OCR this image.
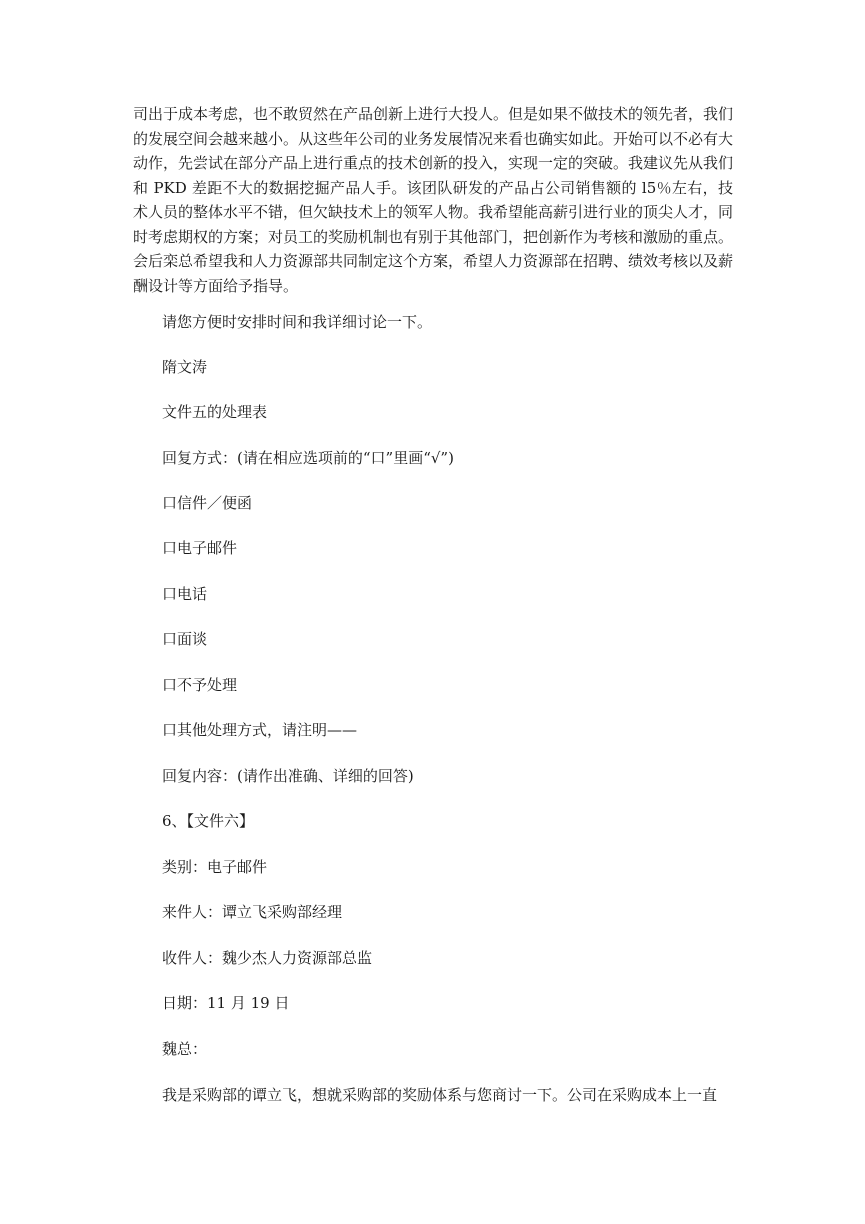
司出于成本考虑，也不敢贸然在产品创新上进行大投人。但是如果不做技术的领先者，我们的发展空间会越来越小。从这些年公司的业务发展情况来看也确实如此。开始可以不必有大动作，先尝试在部分产品上进行重点的技术创新的投入，实现一定的突破。我建议先从我们和 PKD 差距不大的数据挖掘产品人手。该团队研发的产品占公司销售额的 l5％左右，技术人员的整体水平不错，但欠缺技术上的领军人物。我希望能高薪引进行业的顶尖人才，同时考虑期权的方案；对员工的奖励机制也有别于其他部门，把创新作为考核和激励的重点。会后栾总希望我和人力资源部共同制定这个方案，希望人力资源部在招聘、绩效考核以及薪酬设计等方面给予指导。
请您方便时安排时间和我详细讨论一下。
隋文涛
文件五的处理表
回复方式：(请在相应选项前的“口”里画“√”)
口信件／便函
口电子邮件
口电话
口面谈
口不予处理
口其他处理方式，请注明——
回复内容：(请作出准确、详细的回答)
6、【文件六】
类别：电子邮件
来件人：谭立飞采购部经理
收件人：魏少杰人力资源部总监
日期：11 月 19 日
魏总：
我是采购部的谭立飞，想就采购部的奖励体系与您商讨一下。公司在采购成本上一直
